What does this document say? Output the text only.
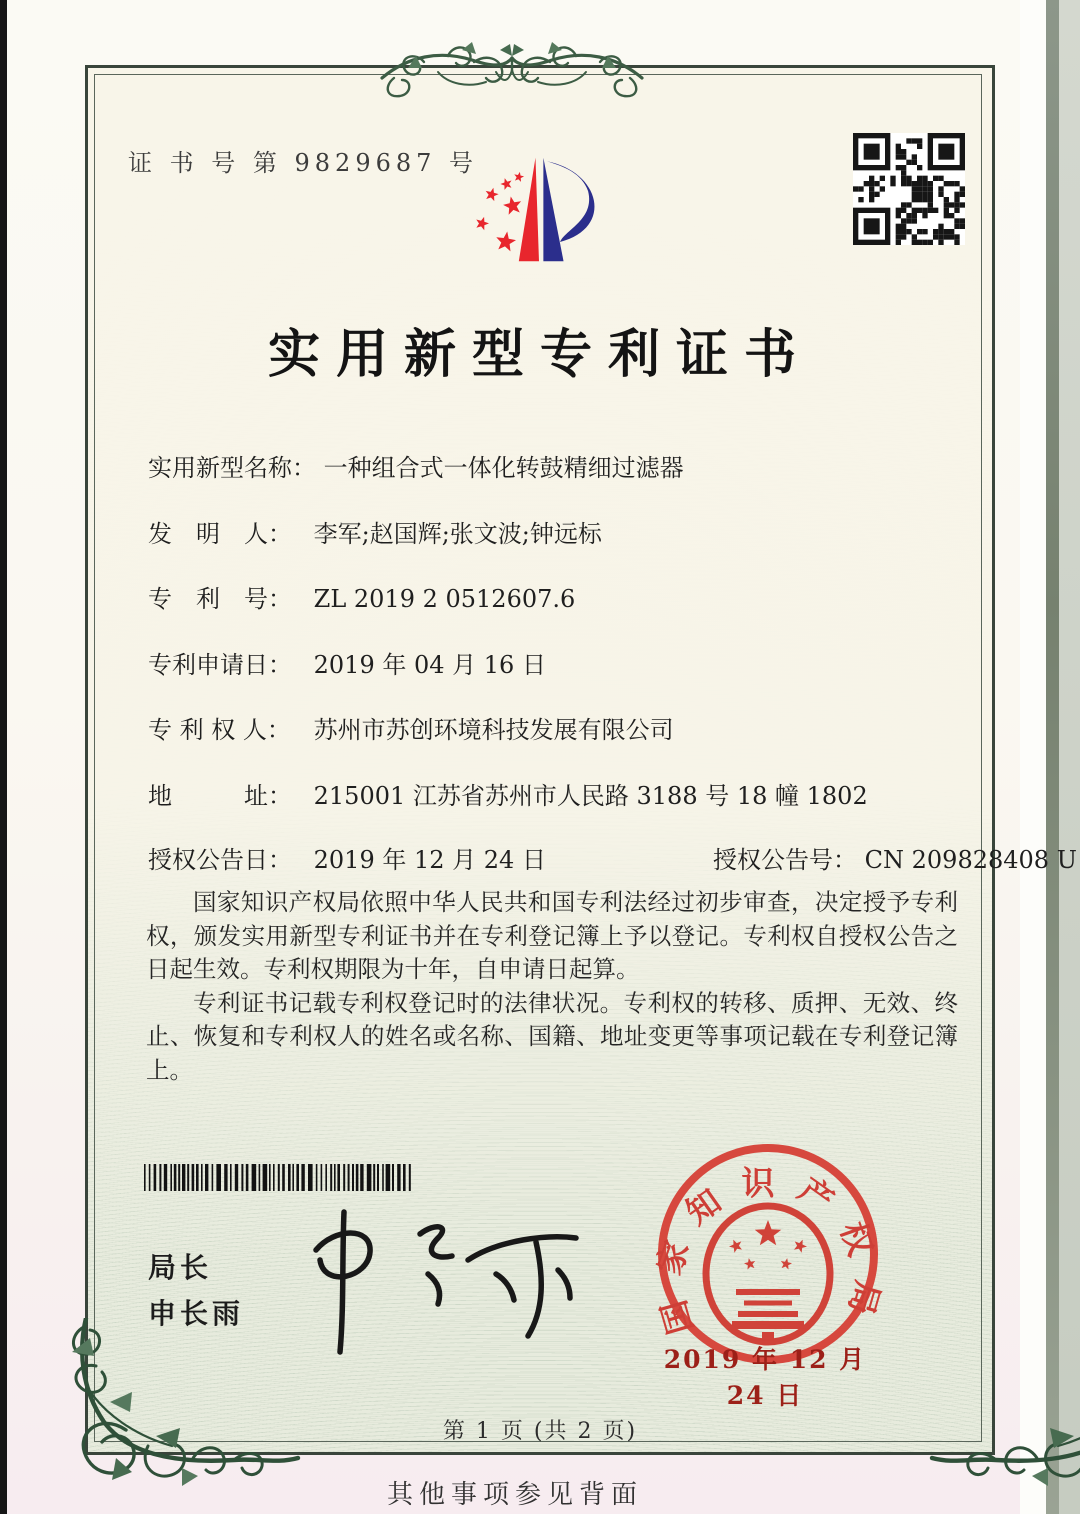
证 书 号 第 9829687 号
实用新型专利证书
实用新型名称： 一种组合式一体化转鼓精细过滤器
发　明　人： 李军;赵国辉;张文波;钟远标
专　利　号： ZL 2019 2 0512607.6
专利申请日： 2019 年 04 月 16 日
专 利 权 人： 苏州市苏创环境科技发展有限公司
地　　　址： 215001 江苏省苏州市人民路 3188 号 18 幢 1802
授权公告日： 2019 年 12 月 24 日	授权公告号： CN 209828408 U

国家知识产权局依照中华人民共和国专利法经过初步审查，决定授予专利权，颁发实用新型专利证书并在专利登记簿上予以登记。专利权自授权公告之日起生效。专利权期限为十年，自申请日起算。

专利证书记载专利权登记时的法律状况。专利权的转移、质押、无效、终止、恢复和专利权人的姓名或名称、国籍、地址变更等事项记载在专利登记簿上。

局长
申长雨	国家知识产权局
2019 年 12 月 24 日
第 1 页 (共 2 页)
其他事项参见背面
